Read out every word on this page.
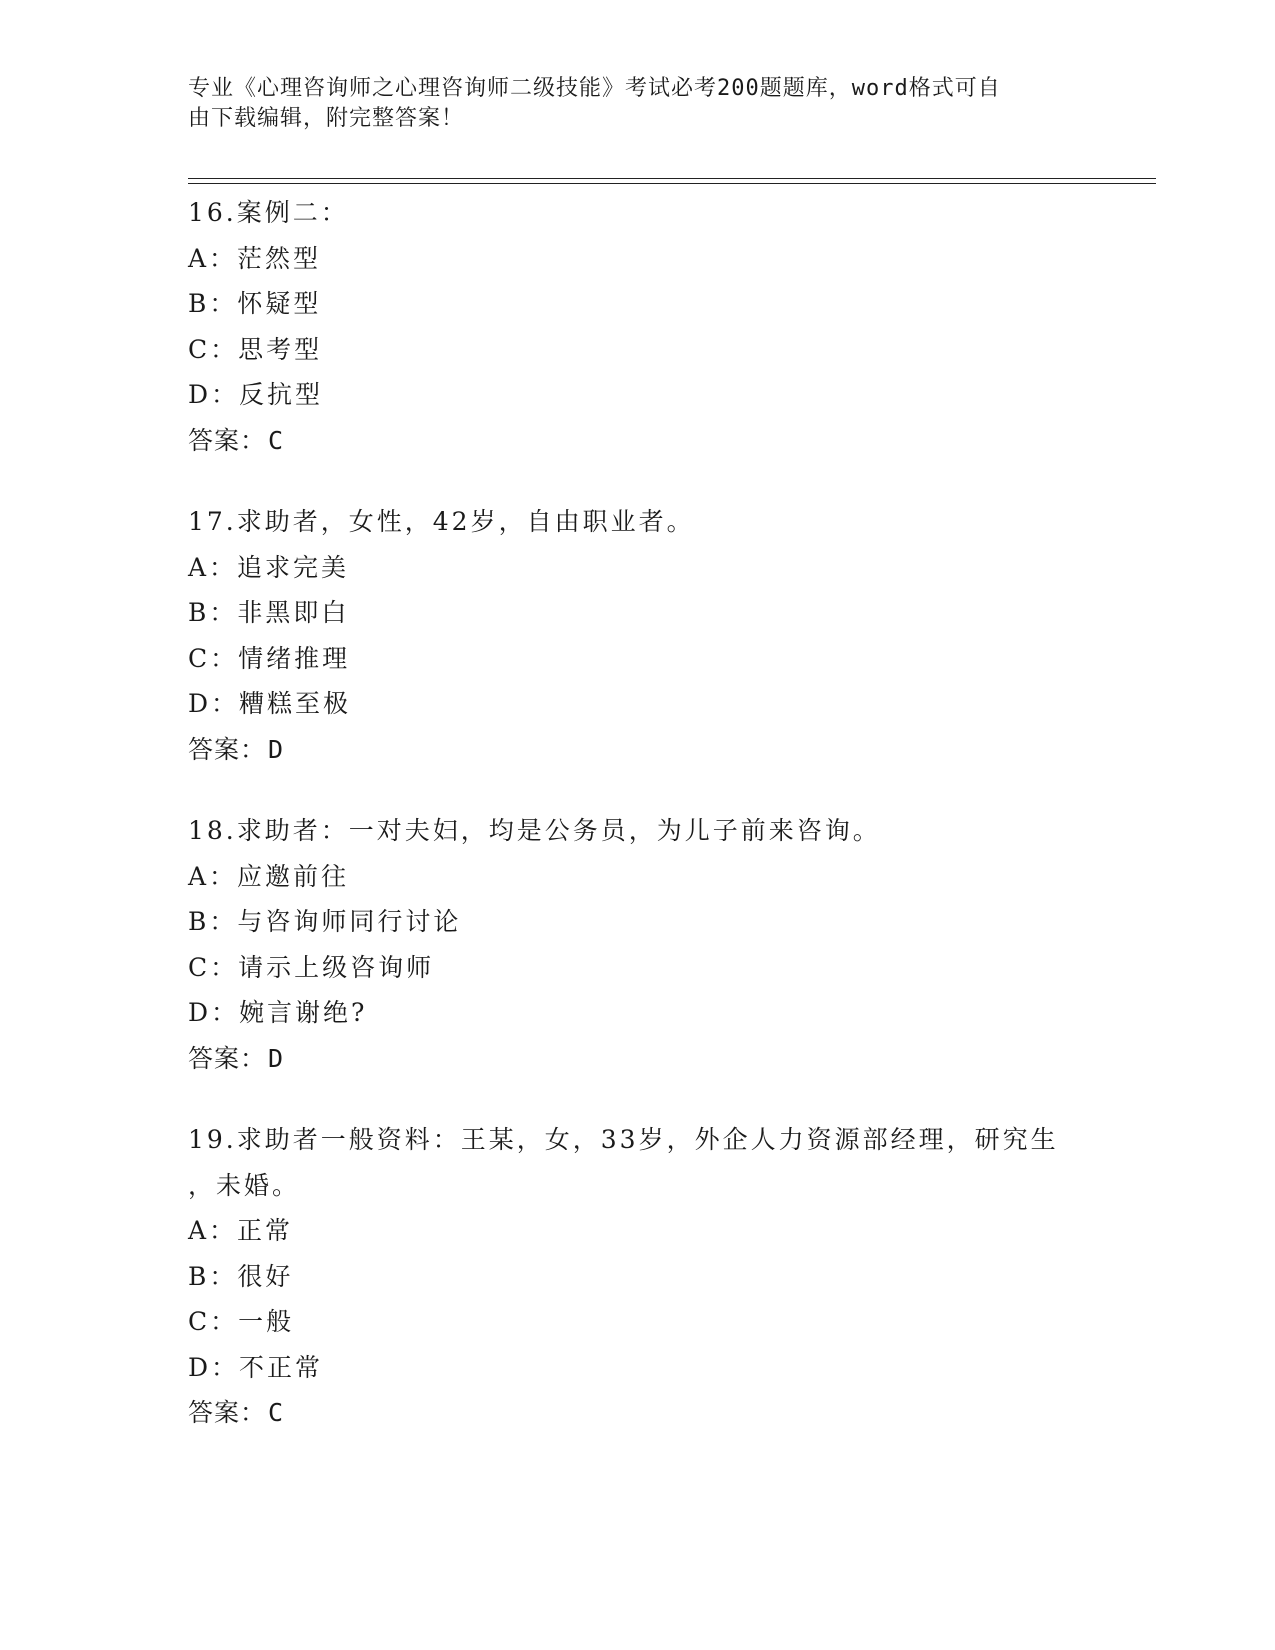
专业《心理咨询师之心理咨询师二级技能》考试必考200题题库，word格式可自
由下载编辑，附完整答案！
16.案例二：
A：茫然型
B：怀疑型
C：思考型
D：反抗型
答案：C
17.求助者，女性，42岁，自由职业者。
A：追求完美
B：非黑即白
C：情绪推理
D：糟糕至极
答案：D
18.求助者：一对夫妇，均是公务员，为儿子前来咨询。
A：应邀前往
B：与咨询师同行讨论
C：请示上级咨询师
D：婉言谢绝?
答案：D
19.求助者一般资料：王某，女，33岁，外企人力资源部经理，研究生
，未婚。
A：正常
B：很好
C：一般
D：不正常
答案：C
